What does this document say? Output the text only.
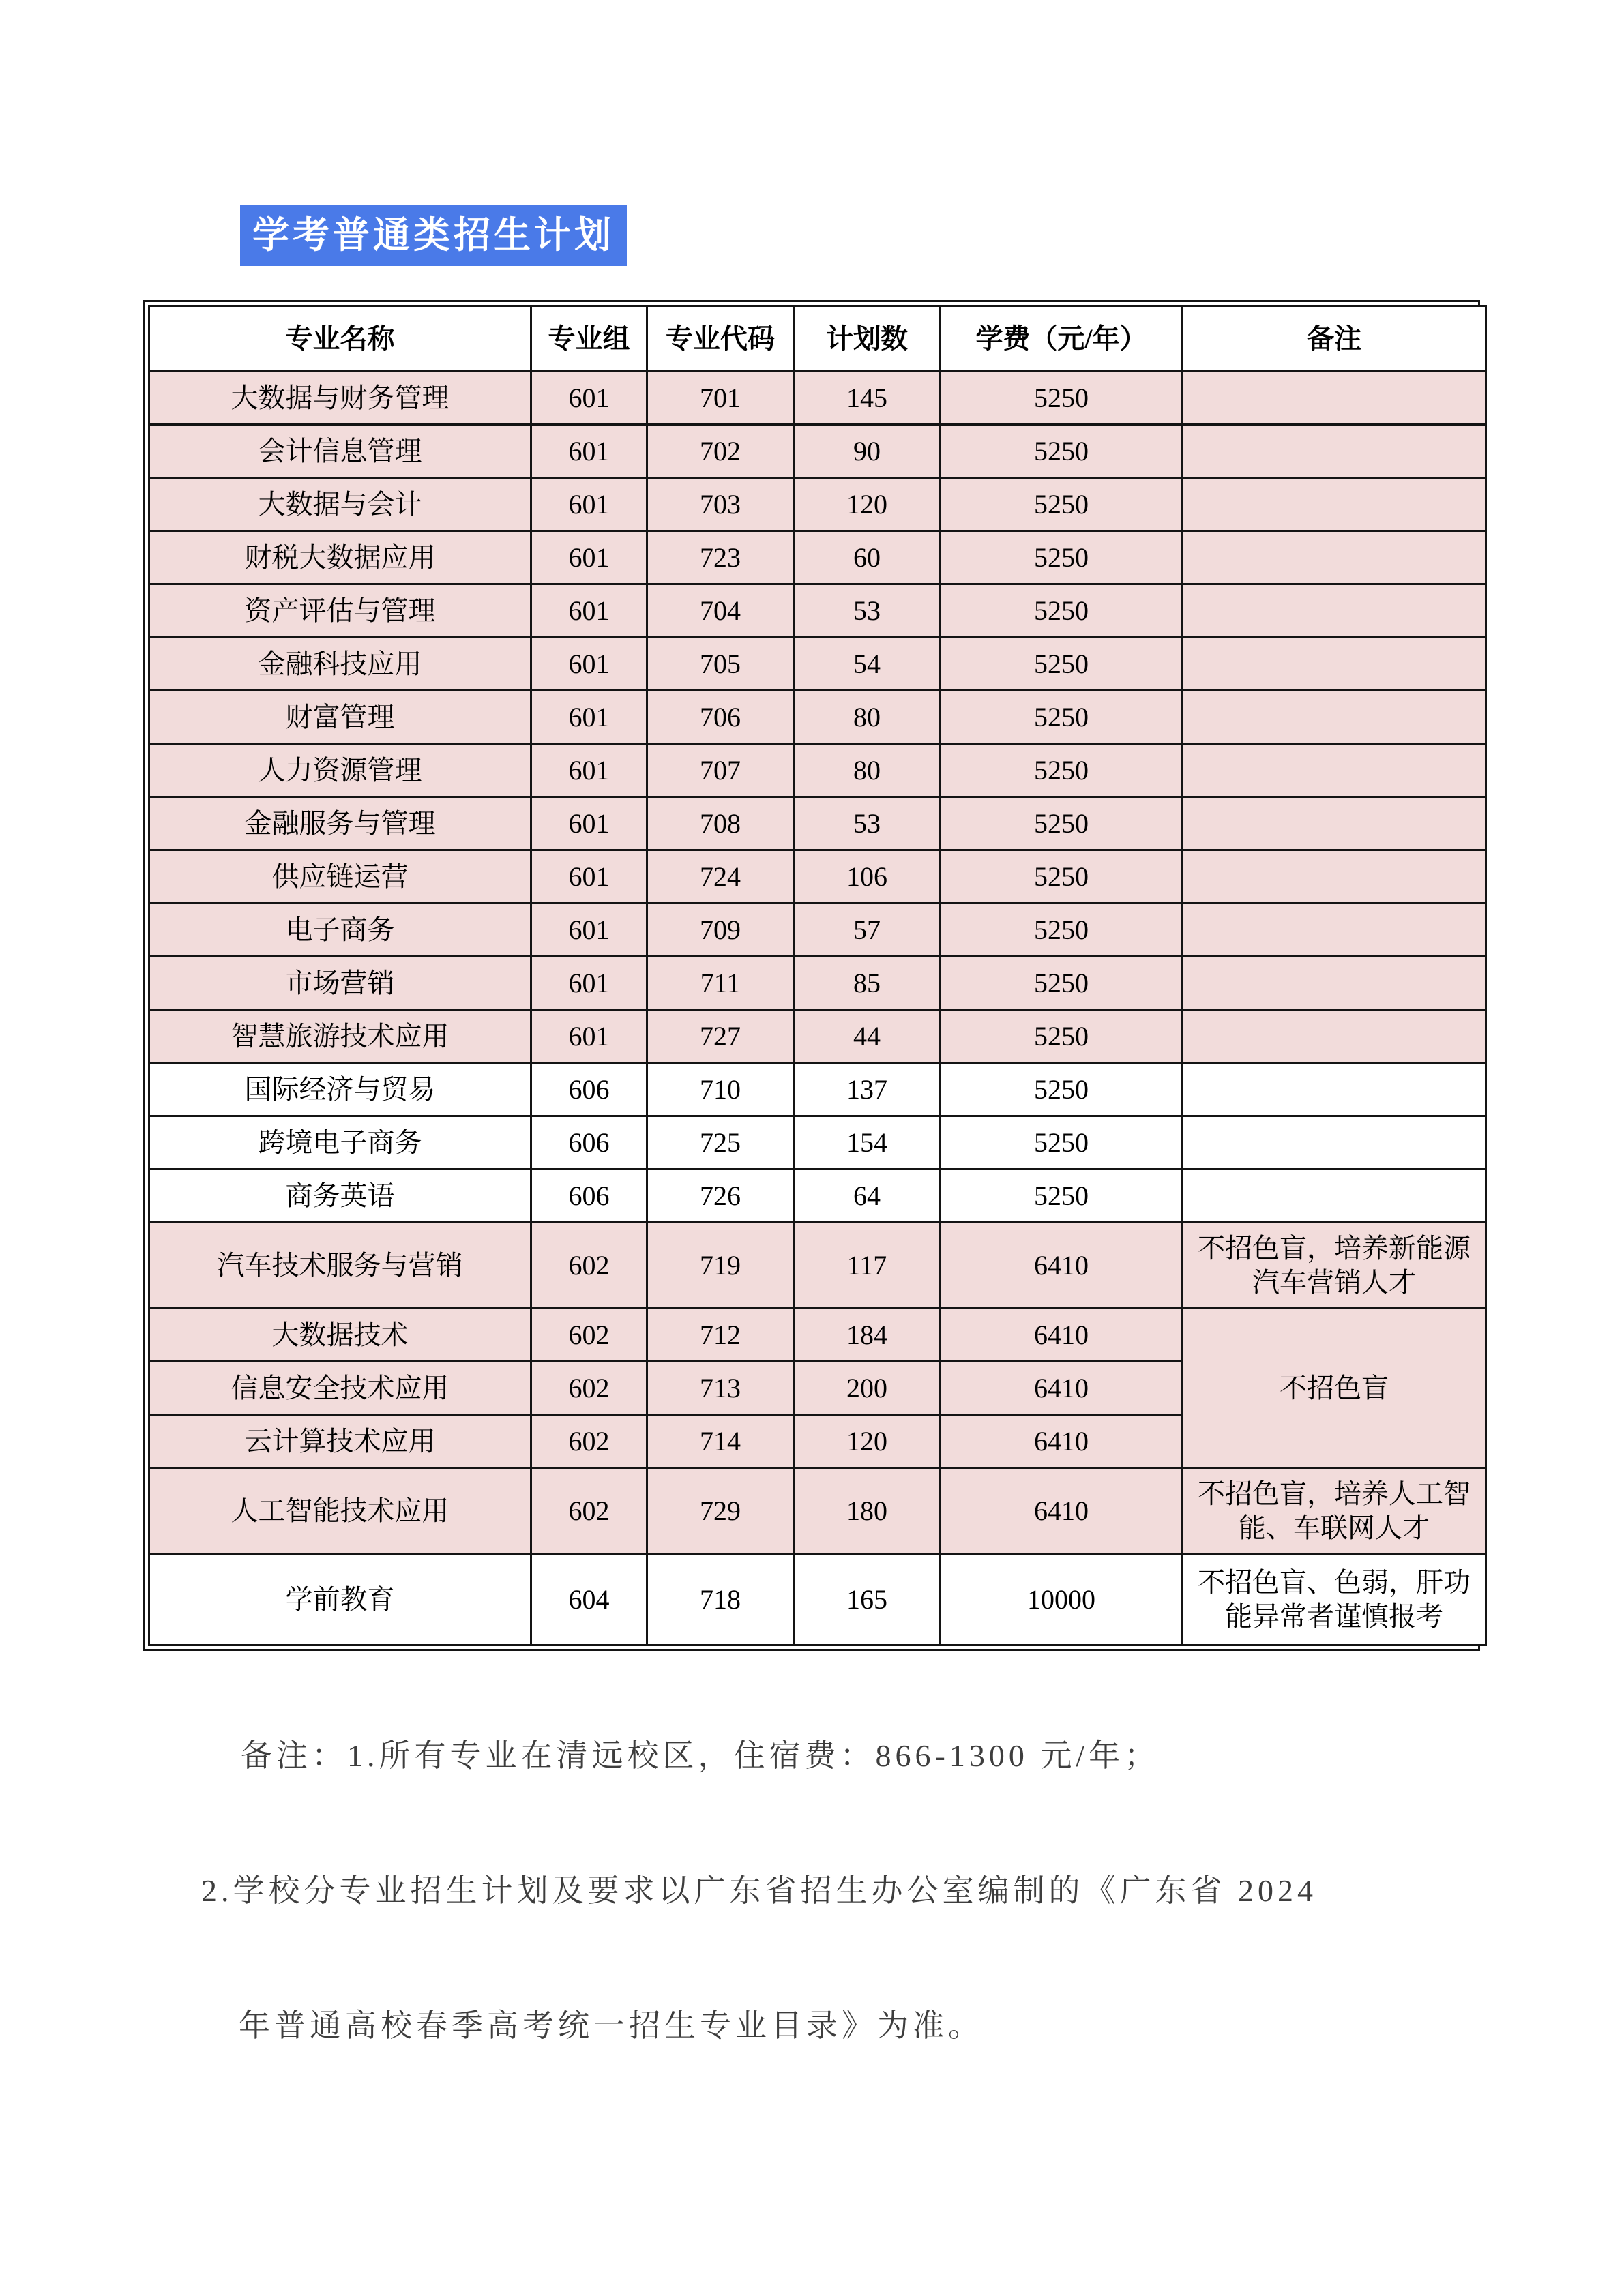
学考普通类招生计划
专业名称	专业组	专业代码	计划数	学费（元/年）	备注
大数据与财务管理	601	701	145	5250	
会计信息管理	601	702	90	5250	
大数据与会计	601	703	120	5250	
财税大数据应用	601	723	60	5250	
资产评估与管理	601	704	53	5250	
金融科技应用	601	705	54	5250	
财富管理	601	706	80	5250	
人力资源管理	601	707	80	5250	
金融服务与管理	601	708	53	5250	
供应链运营	601	724	106	5250	
电子商务	601	709	57	5250	
市场营销	601	711	85	5250	
智慧旅游技术应用	601	727	44	5250	
国际经济与贸易	606	710	137	5250	
跨境电子商务	606	725	154	5250	
商务英语	606	726	64	5250	
汽车技术服务与营销	602	719	117	6410	不招色盲，培养新能源汽车营销人才
大数据技术	602	712	184	6410	不招色盲
信息安全技术应用	602	713	200	6410	
云计算技术应用	602	714	120	6410	
人工智能技术应用	602	729	180	6410	不招色盲，培养人工智能、车联网人才
学前教育	604	718	165	10000	不招色盲、色弱，肝功能异常者谨慎报考

备注：1.所有专业在清远校区，住宿费：866-1300 元/年；

2.学校分专业招生计划及要求以广东省招生办公室编制的《广东省 2024

年普通高校春季高考统一招生专业目录》为准。
